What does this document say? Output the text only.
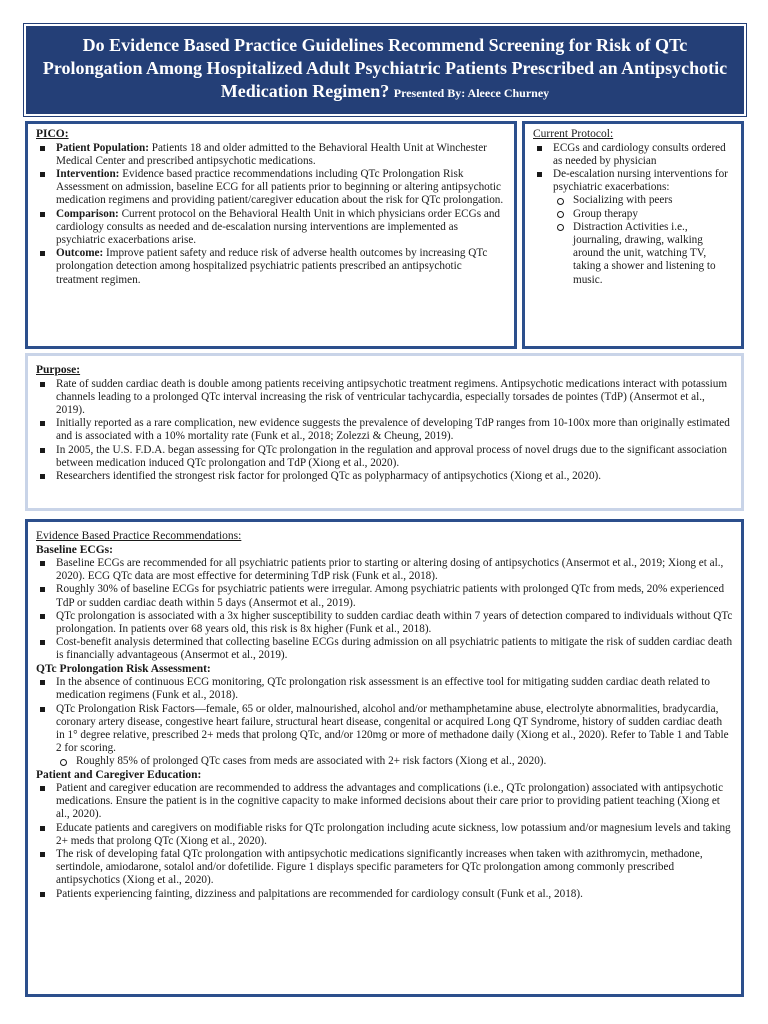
Do Evidence Based Practice Guidelines Recommend Screening for Risk of QTc Prolongation Among Hospitalized Adult Psychiatric Patients Prescribed an Antipsychotic Medication Regimen? Presented By: Aleece Churney
PICO:
Patient Population: Patients 18 and older admitted to the Behavioral Health Unit at Winchester Medical Center and prescribed antipsychotic medications.
Intervention: Evidence based practice recommendations including QTc Prolongation Risk Assessment on admission, baseline ECG for all patients prior to beginning or altering antipsychotic medication regimens and providing patient/caregiver education about the risk for QTc prolongation.
Comparison: Current protocol on the Behavioral Health Unit in which physicians order ECGs and cardiology consults as needed and de-escalation nursing interventions are implemented as psychiatric exacerbations arise.
Outcome: Improve patient safety and reduce risk of adverse health outcomes by increasing QTc prolongation detection among hospitalized psychiatric patients prescribed an antipsychotic treatment regimen.
Current Protocol:
ECGs and cardiology consults ordered as needed by physician
De-escalation nursing interventions for psychiatric exacerbations:
Socializing with peers
Group therapy
Distraction Activities i.e., journaling, drawing, walking around the unit, watching TV, taking a shower and listening to music.
Purpose:
Rate of sudden cardiac death is double among patients receiving antipsychotic treatment regimens. Antipsychotic medications interact with potassium channels leading to a prolonged QTc interval increasing the risk of ventricular tachycardia, especially torsades de pointes (TdP) (Ansermot et al., 2019).
Initially reported as a rare complication, new evidence suggests the prevalence of developing TdP ranges from 10-100x more than originally estimated and is associated with a 10% mortality rate (Funk et al., 2018; Zolezzi & Cheung, 2019).
In 2005, the U.S. F.D.A. began assessing for QTc prolongation in the regulation and approval process of novel drugs due to the significant association between medication induced QTc prolongation and TdP (Xiong et al., 2020).
Researchers identified the strongest risk factor for prolonged QTc as polypharmacy of antipsychotics (Xiong et al., 2020).
Evidence Based Practice Recommendations:
Baseline ECGs:
Baseline ECGs are recommended for all psychiatric patients prior to starting or altering dosing of antipsychotics (Ansermot et al., 2019; Xiong et al., 2020). ECG QTc data are most effective for determining TdP risk (Funk et al., 2018).
Roughly 30% of baseline ECGs for psychiatric patients were irregular. Among psychiatric patients with prolonged QTc from meds, 20% experienced TdP or sudden cardiac death within 5 days (Ansermot et al., 2019).
QTc prolongation is associated with a 3x higher susceptibility to sudden cardiac death within 7 years of detection compared to individuals without QTc prolongation. In patients over 68 years old, this risk is 8x higher (Funk et al., 2018).
Cost-benefit analysis determined that collecting baseline ECGs during admission on all psychiatric patients to mitigate the risk of sudden cardiac death is financially advantageous (Ansermot et al., 2019).
QTc Prolongation Risk Assessment:
In the absence of continuous ECG monitoring, QTc prolongation risk assessment is an effective tool for mitigating sudden cardiac death related to medication regimens (Funk et al., 2018).
QTc Prolongation Risk Factors—female, 65 or older, malnourished, alcohol and/or methamphetamine abuse, electrolyte abnormalities, bradycardia, coronary artery disease, congestive heart failure, structural heart disease, congenital or acquired Long QT Syndrome, history of sudden cardiac death in 1° degree relative, prescribed 2+ meds that prolong QTc, and/or 120mg or more of methadone daily (Xiong et al., 2020). Refer to Table 1 and Table 2 for scoring.
Roughly 85% of prolonged QTc cases from meds are associated with 2+ risk factors (Xiong et al., 2020).
Patient and Caregiver Education:
Patient and caregiver education are recommended to address the advantages and complications (i.e., QTc prolongation) associated with antipsychotic medications. Ensure the patient is in the cognitive capacity to make informed decisions about their care prior to providing patient teaching (Xiong et al., 2020).
Educate patients and caregivers on modifiable risks for QTc prolongation including acute sickness, low potassium and/or magnesium levels and taking 2+ meds that prolong QTc (Xiong et al., 2020).
The risk of developing fatal QTc prolongation with antipsychotic medications significantly increases when taken with azithromycin, methadone, sertindole, amiodarone, sotalol and/or dofetilide. Figure 1 displays specific parameters for QTc prolongation among commonly prescribed antipsychotics (Xiong et al., 2020).
Patients experiencing fainting, dizziness and palpitations are recommended for cardiology consult (Funk et al., 2018).
